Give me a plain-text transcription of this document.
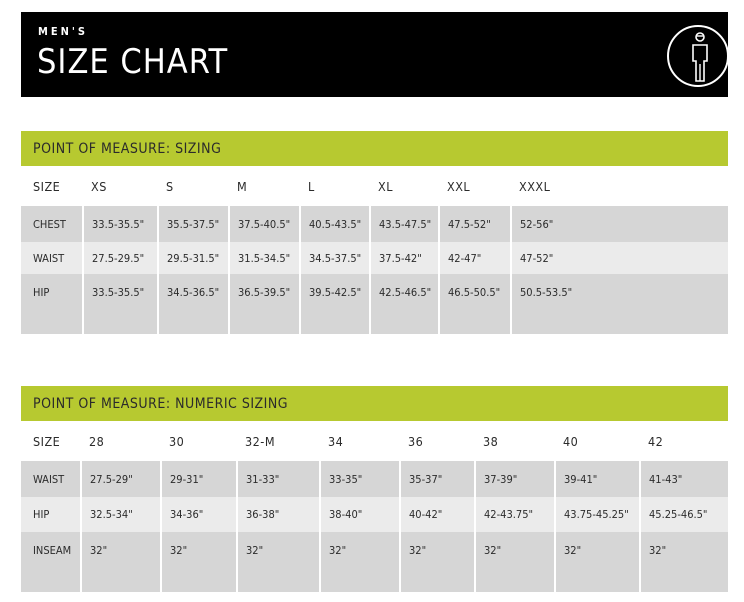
MEN'S
SIZE CHART
POINT OF MEASURE: SIZING
SIZE	XS	S	M	L	XL	XXL	XXXL
CHEST	33.5-35.5"	35.5-37.5"	37.5-40.5"	40.5-43.5"	43.5-47.5"	47.5-52"	52-56"
WAIST	27.5-29.5"	29.5-31.5"	31.5-34.5"	34.5-37.5"	37.5-42"	42-47"	47-52"
HIP	33.5-35.5"	34.5-36.5"	36.5-39.5"	39.5-42.5"	42.5-46.5"	46.5-50.5"	50.5-53.5"
POINT OF MEASURE: NUMERIC SIZING
SIZE	28	30	32-M	34	36	38	40	42
WAIST	27.5-29"	29-31"	31-33"	33-35"	35-37"	37-39"	39-41"	41-43"
HIP	32.5-34"	34-36"	36-38"	38-40"	40-42"	42-43.75"	43.75-45.25"	45.25-46.5"
INSEAM	32"	32"	32"	32"	32"	32"	32"	32"
